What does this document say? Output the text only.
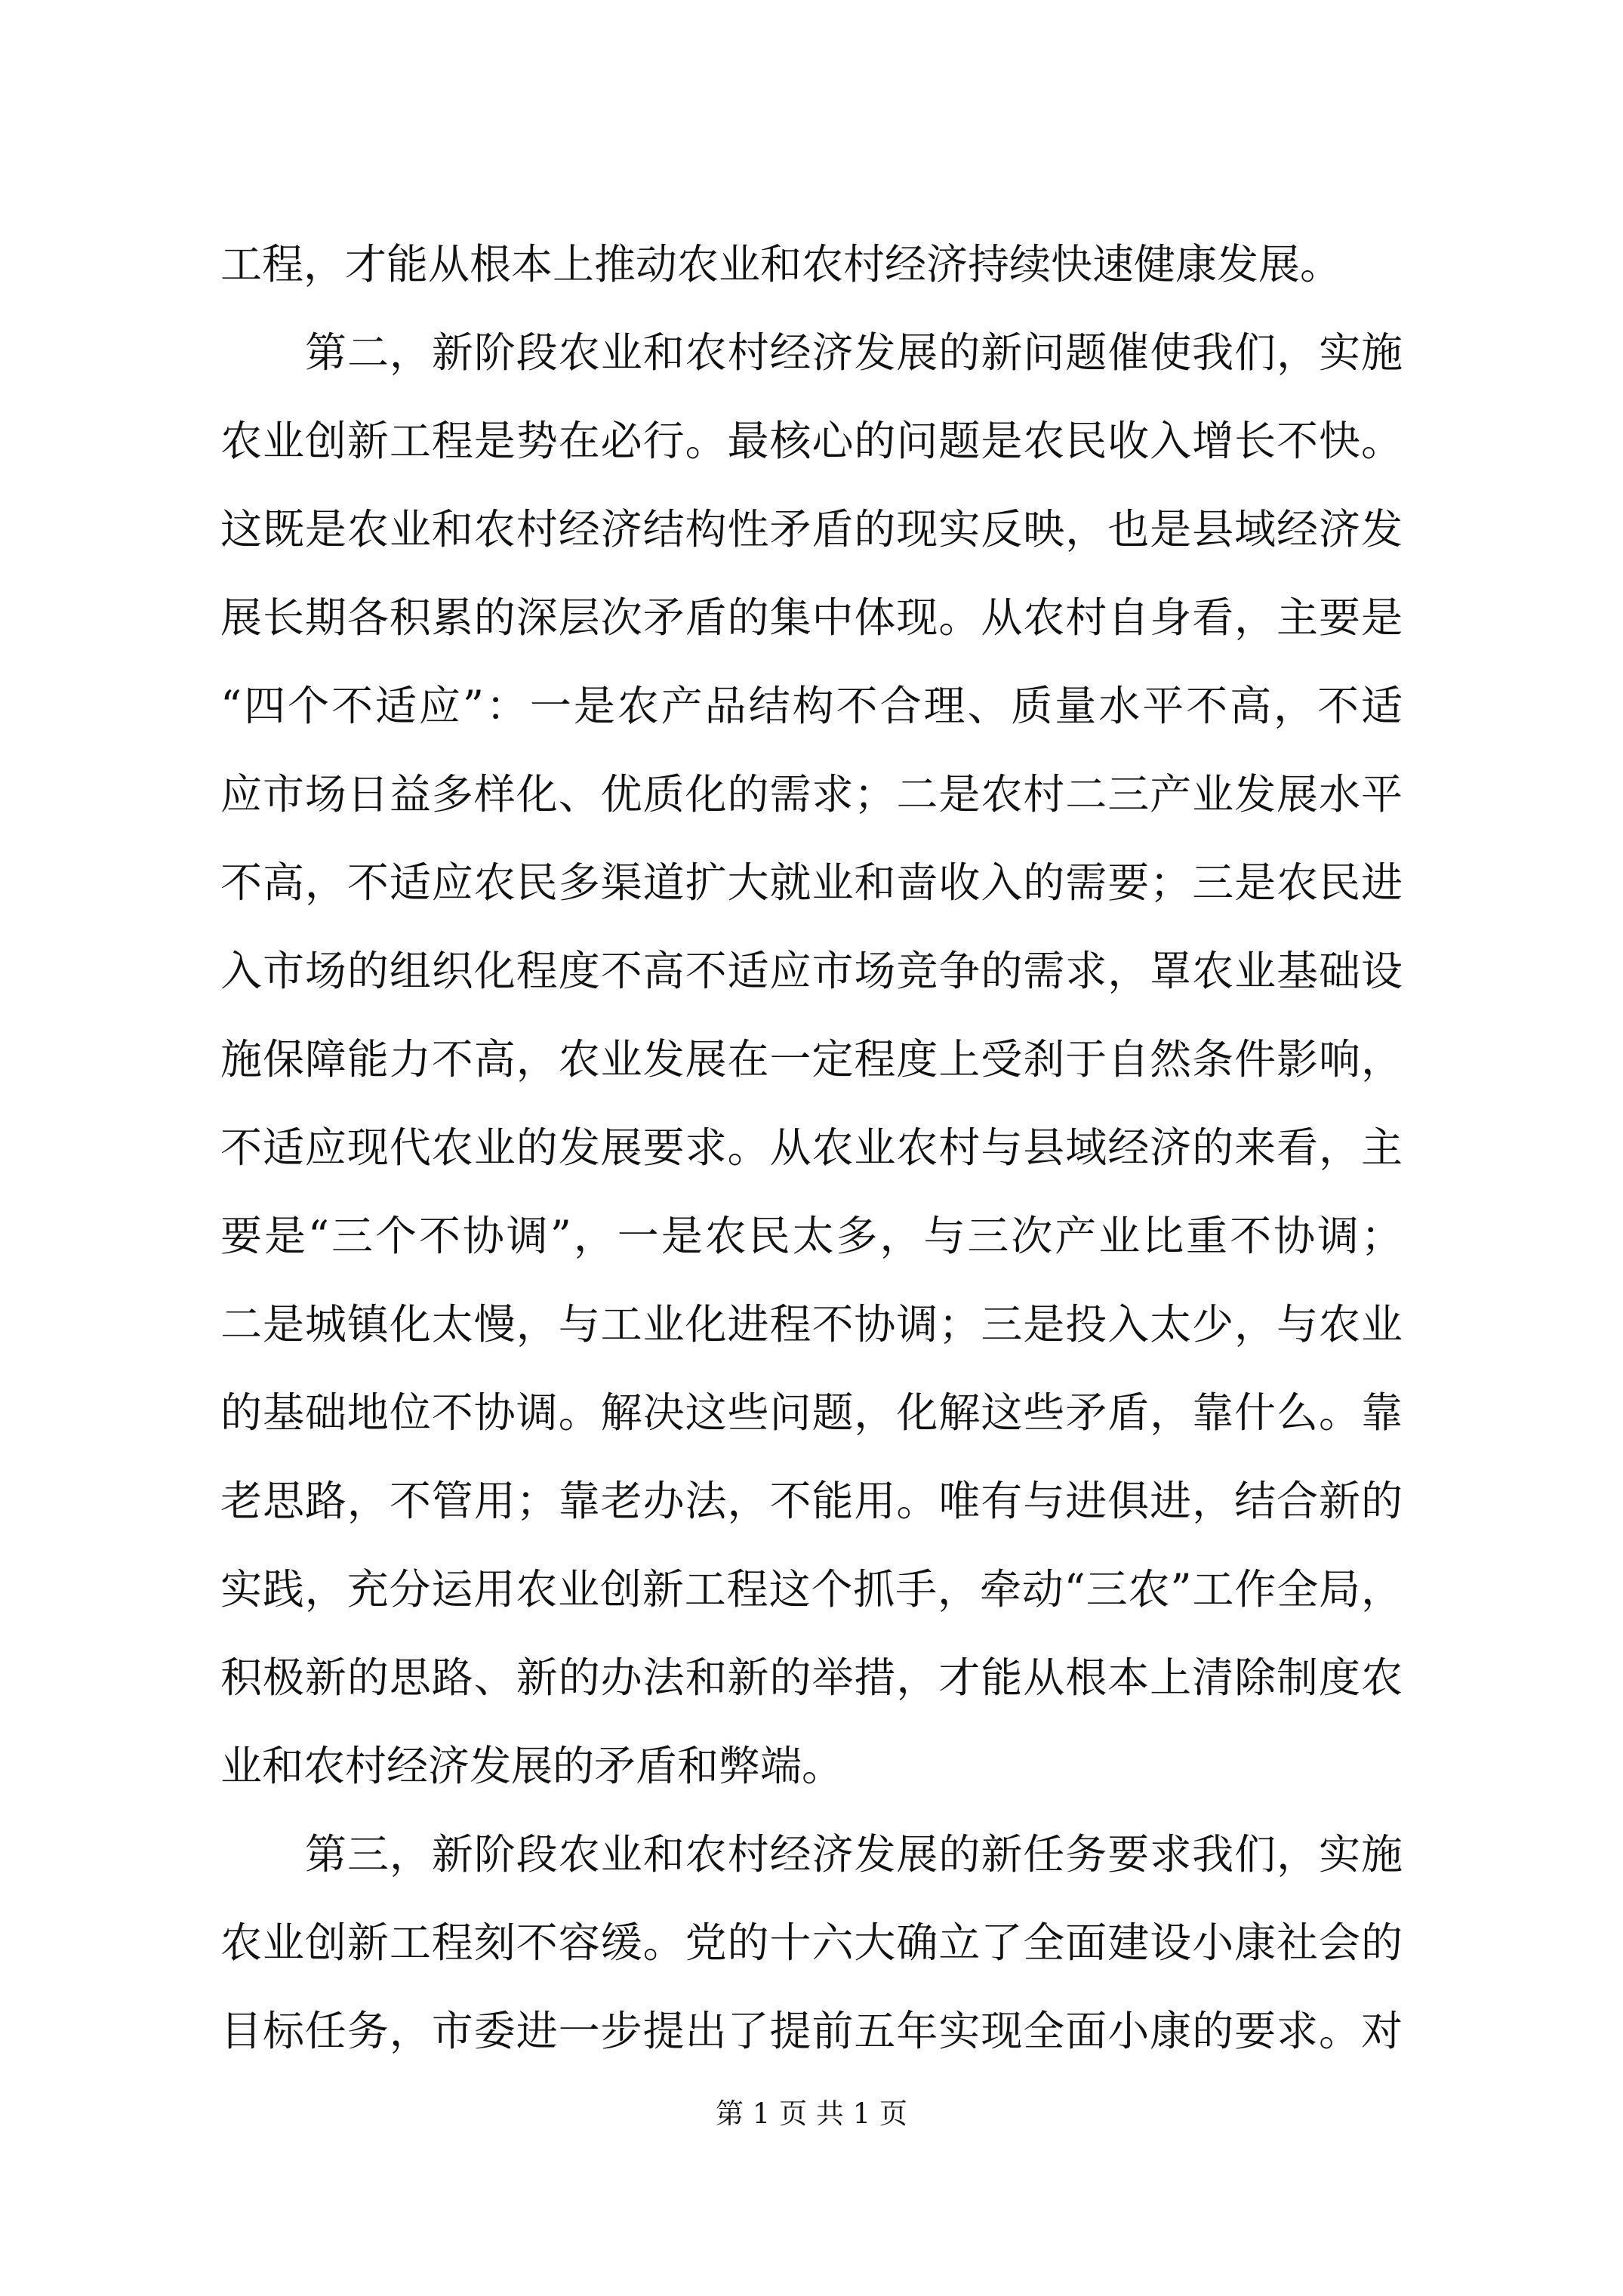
工程，才能从根本上推动农业和农村经济持续快速健康发展。
第二，新阶段农业和农村经济发展的新问题催使我们，实施
农业创新工程是势在必行。最核心的问题是农民收入增长不快。
这既是农业和农村经济结构性矛盾的现实反映，也是县域经济发
展长期各积累的深层次矛盾的集中体现。从农村自身看，主要是
“四个不适应”：一是农产品结构不合理、质量水平不高，不适
应市场日益多样化、优质化的需求；二是农村二三产业发展水平
不高，不适应农民多渠道扩大就业和啬收入的需要；三是农民进
入市场的组织化程度不高不适应市场竞争的需求，罩农业基础设
施保障能力不高，农业发展在一定程度上受刹于自然条件影响，
不适应现代农业的发展要求。从农业农村与县域经济的来看，主
要是“三个不协调”，一是农民太多，与三次产业比重不协调；
二是城镇化太慢，与工业化进程不协调；三是投入太少，与农业
的基础地位不协调。解决这些问题，化解这些矛盾，靠什么。靠
老思路，不管用；靠老办法，不能用。唯有与进俱进，结合新的
实践，充分运用农业创新工程这个抓手，牵动“三农”工作全局，
积极新的思路、新的办法和新的举措，才能从根本上清除制度农
业和农村经济发展的矛盾和弊端。
第三，新阶段农业和农村经济发展的新任务要求我们，实施
农业创新工程刻不容缓。党的十六大确立了全面建设小康社会的
目标任务，市委进一步提出了提前五年实现全面小康的要求。对
第 1 页 共 1 页
